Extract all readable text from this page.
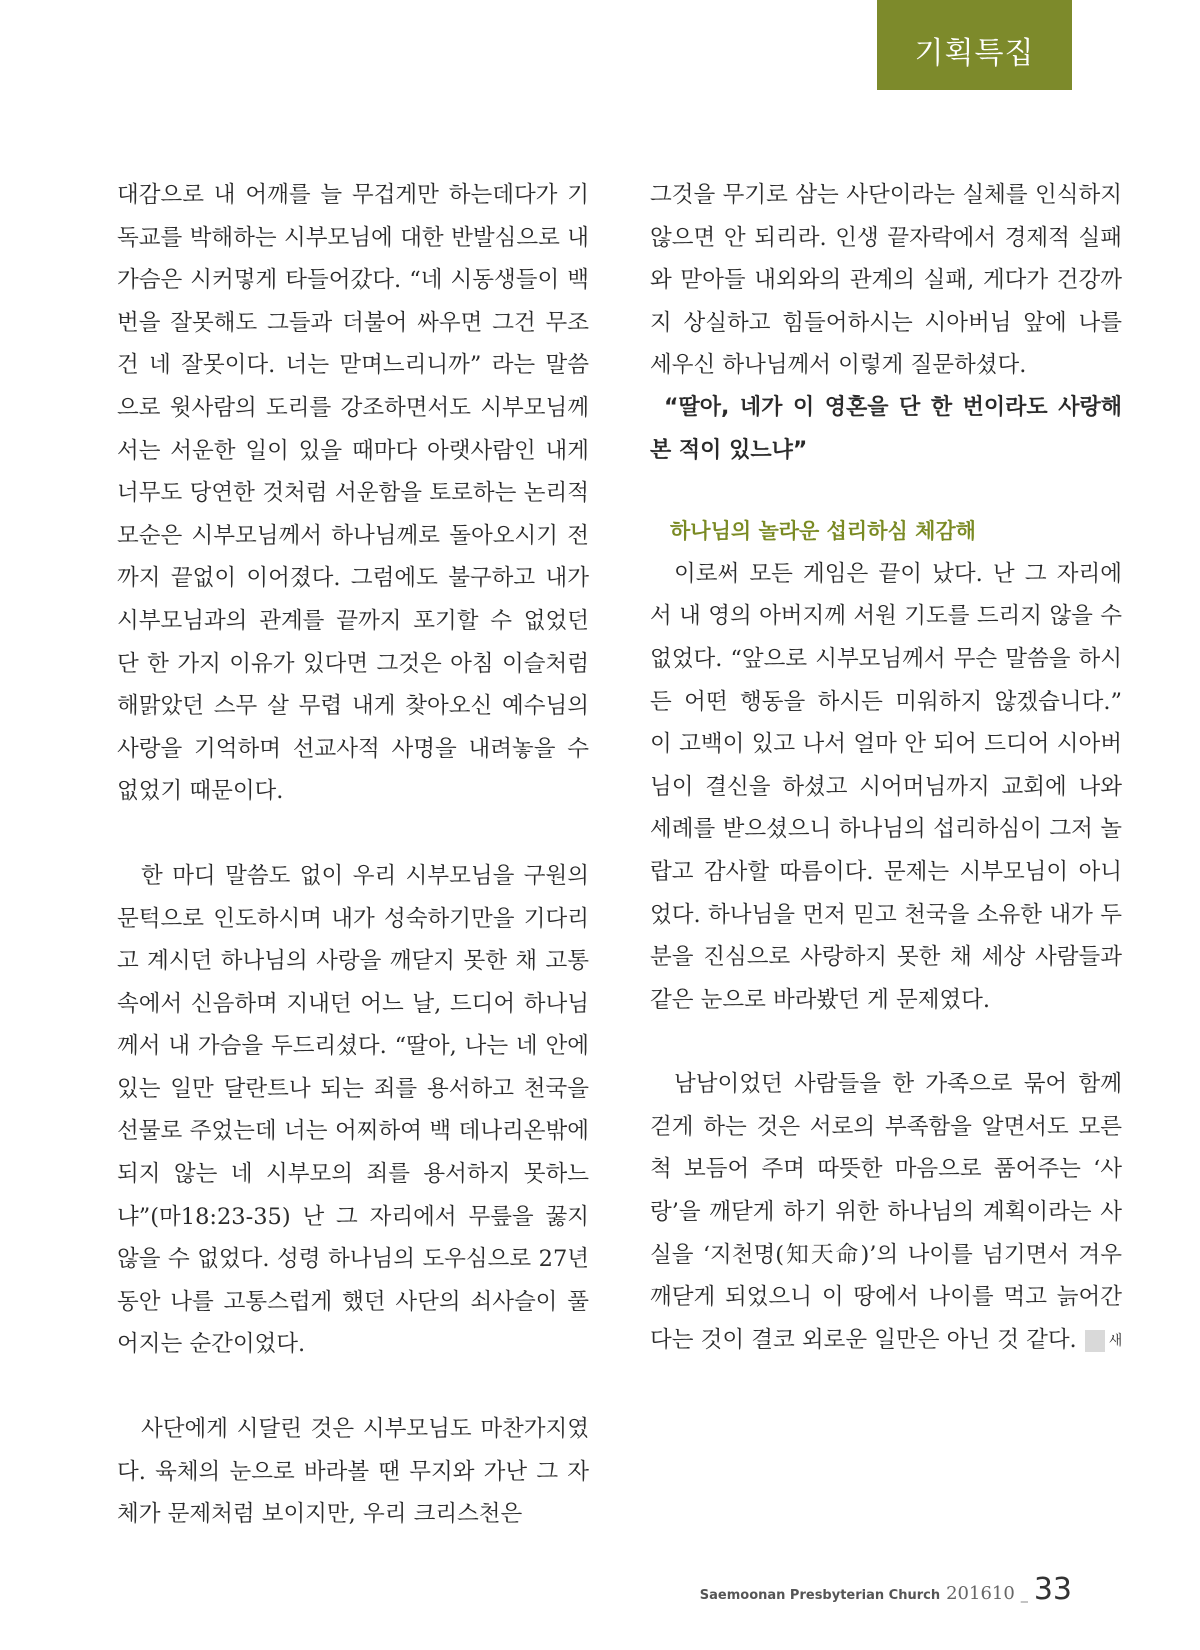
기획특집

대감으로 내 어깨를 늘 무겁게만 하는데다가 기독교를 박해하는 시부모님에 대한 반발심으로 내 가슴은 시커멓게 타들어갔다. “네 시동생들이 백 번을 잘못해도 그들과 더불어 싸우면 그건 무조건 네 잘못이다. 너는 맏며느리니까” 라는 말씀으로 윗사람의 도리를 강조하면서도 시부모님께서는 서운한 일이 있을 때마다 아랫사람인 내게 너무도 당연한 것처럼 서운함을 토로하는 논리적 모순은 시부모님께서 하나님께로 돌아오시기 전까지 끝없이 이어졌다. 그럼에도 불구하고 내가 시부모님과의 관계를 끝까지 포기할 수 없었던 단 한 가지 이유가 있다면 그것은 아침 이슬처럼 해맑았던 스무 살 무렵 내게 찾아오신 예수님의 사랑을 기억하며 선교사적 사명을 내려놓을 수 없었기 때문이다.

한 마디 말씀도 없이 우리 시부모님을 구원의 문턱으로 인도하시며 내가 성숙하기만을 기다리고 계시던 하나님의 사랑을 깨닫지 못한 채 고통 속에서 신음하며 지내던 어느 날, 드디어 하나님께서 내 가슴을 두드리셨다. “딸아, 나는 네 안에 있는 일만 달란트나 되는 죄를 용서하고 천국을 선물로 주었는데 너는 어찌하여 백 데나리온밖에 되지 않는 네 시부모의 죄를 용서하지 못하느냐”(마18:23-35) 난 그 자리에서 무릎을 꿇지 않을 수 없었다. 성령 하나님의 도우심으로 27년 동안 나를 고통스럽게 했던 사단의 쇠사슬이 풀어지는 순간이었다.

사단에게 시달린 것은 시부모님도 마찬가지였다. 육체의 눈으로 바라볼 땐 무지와 가난 그 자체가 문제처럼 보이지만, 우리 크리스천은

그것을 무기로 삼는 사단이라는 실체를 인식하지 않으면 안 되리라. 인생 끝자락에서 경제적 실패와 맏아들 내외와의 관계의 실패, 게다가 건강까지 상실하고 힘들어하시는 시아버님 앞에 나를 세우신 하나님께서 이렇게 질문하셨다.

“딸아, 네가 이 영혼을 단 한 번이라도 사랑해 본 적이 있느냐”

하나님의 놀라운 섭리하심 체감해

이로써 모든 게임은 끝이 났다. 난 그 자리에서 내 영의 아버지께 서원 기도를 드리지 않을 수 없었다. “앞으로 시부모님께서 무슨 말씀을 하시든 어떤 행동을 하시든 미워하지 않겠습니다.” 이 고백이 있고 나서 얼마 안 되어 드디어 시아버님이 결신을 하셨고 시어머님까지 교회에 나와 세례를 받으셨으니 하나님의 섭리하심이 그저 놀랍고 감사할 따름이다. 문제는 시부모님이 아니었다. 하나님을 먼저 믿고 천국을 소유한 내가 두 분을 진심으로 사랑하지 못한 채 세상 사람들과 같은 눈으로 바라봤던 게 문제였다.

남남이었던 사람들을 한 가족으로 묶어 함께 걷게 하는 것은 서로의 부족함을 알면서도 모른 척 보듬어 주며 따뜻한 마음으로 품어주는 ‘사랑’을 깨닫게 하기 위한 하나님의 계획이라는 사실을 ‘지천명(知天命)’의 나이를 넘기면서 겨우 깨닫게 되었으니 이 땅에서 나이를 먹고 늙어간다는 것이 결코 외로운 일만은 아닌 것 같다. 새

Saemoonan Presbyterian Church 201610 _ 33
